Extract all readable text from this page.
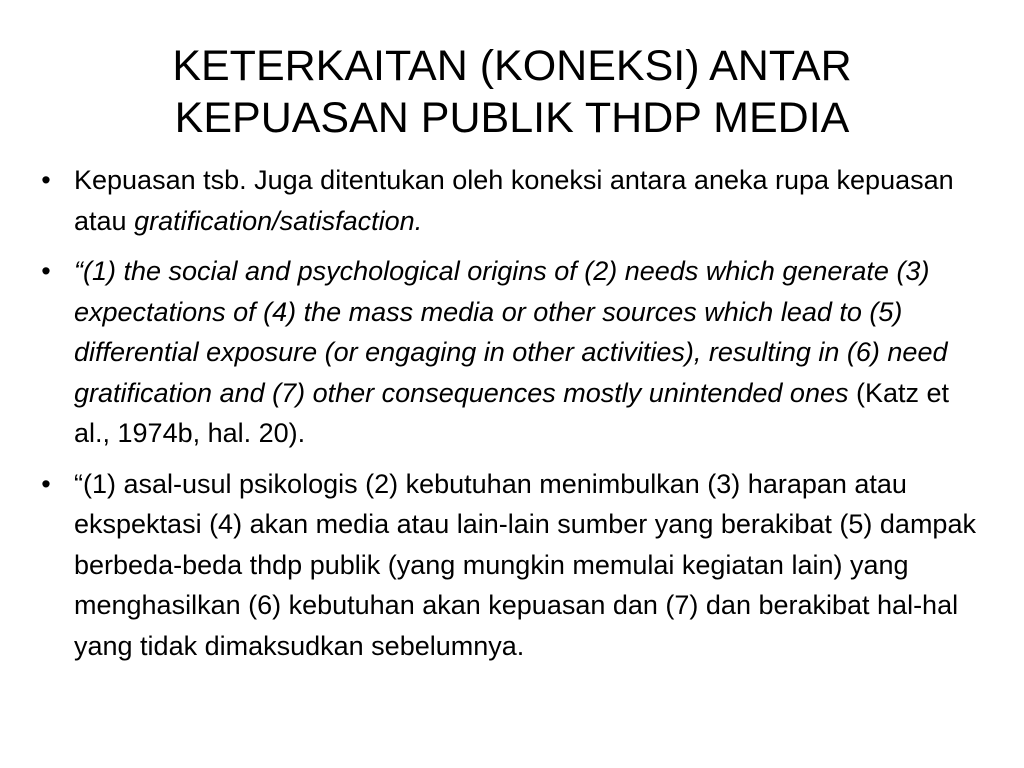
KETERKAITAN (KONEKSI) ANTAR
KEPUASAN PUBLIK THDP MEDIA
• Kepuasan tsb. Juga ditentukan oleh koneksi antara aneka rupa kepuasan atau gratification/satisfaction.
• “(1) the social and psychological origins of (2) needs which generate (3) expectations of (4) the mass media or other sources which lead to (5) differential exposure (or engaging in other activities), resulting in (6) need gratification and (7) other consequences mostly unintended ones (Katz et al., 1974b, hal. 20).
• “(1) asal-usul psikologis (2) kebutuhan menimbulkan (3) harapan atau ekspektasi (4) akan media atau lain-lain sumber yang berakibat (5) dampak berbeda-beda thdp publik (yang mungkin memulai kegiatan lain) yang menghasilkan (6) kebutuhan akan kepuasan dan (7) dan berakibat hal-hal yang tidak dimaksudkan sebelumnya.
